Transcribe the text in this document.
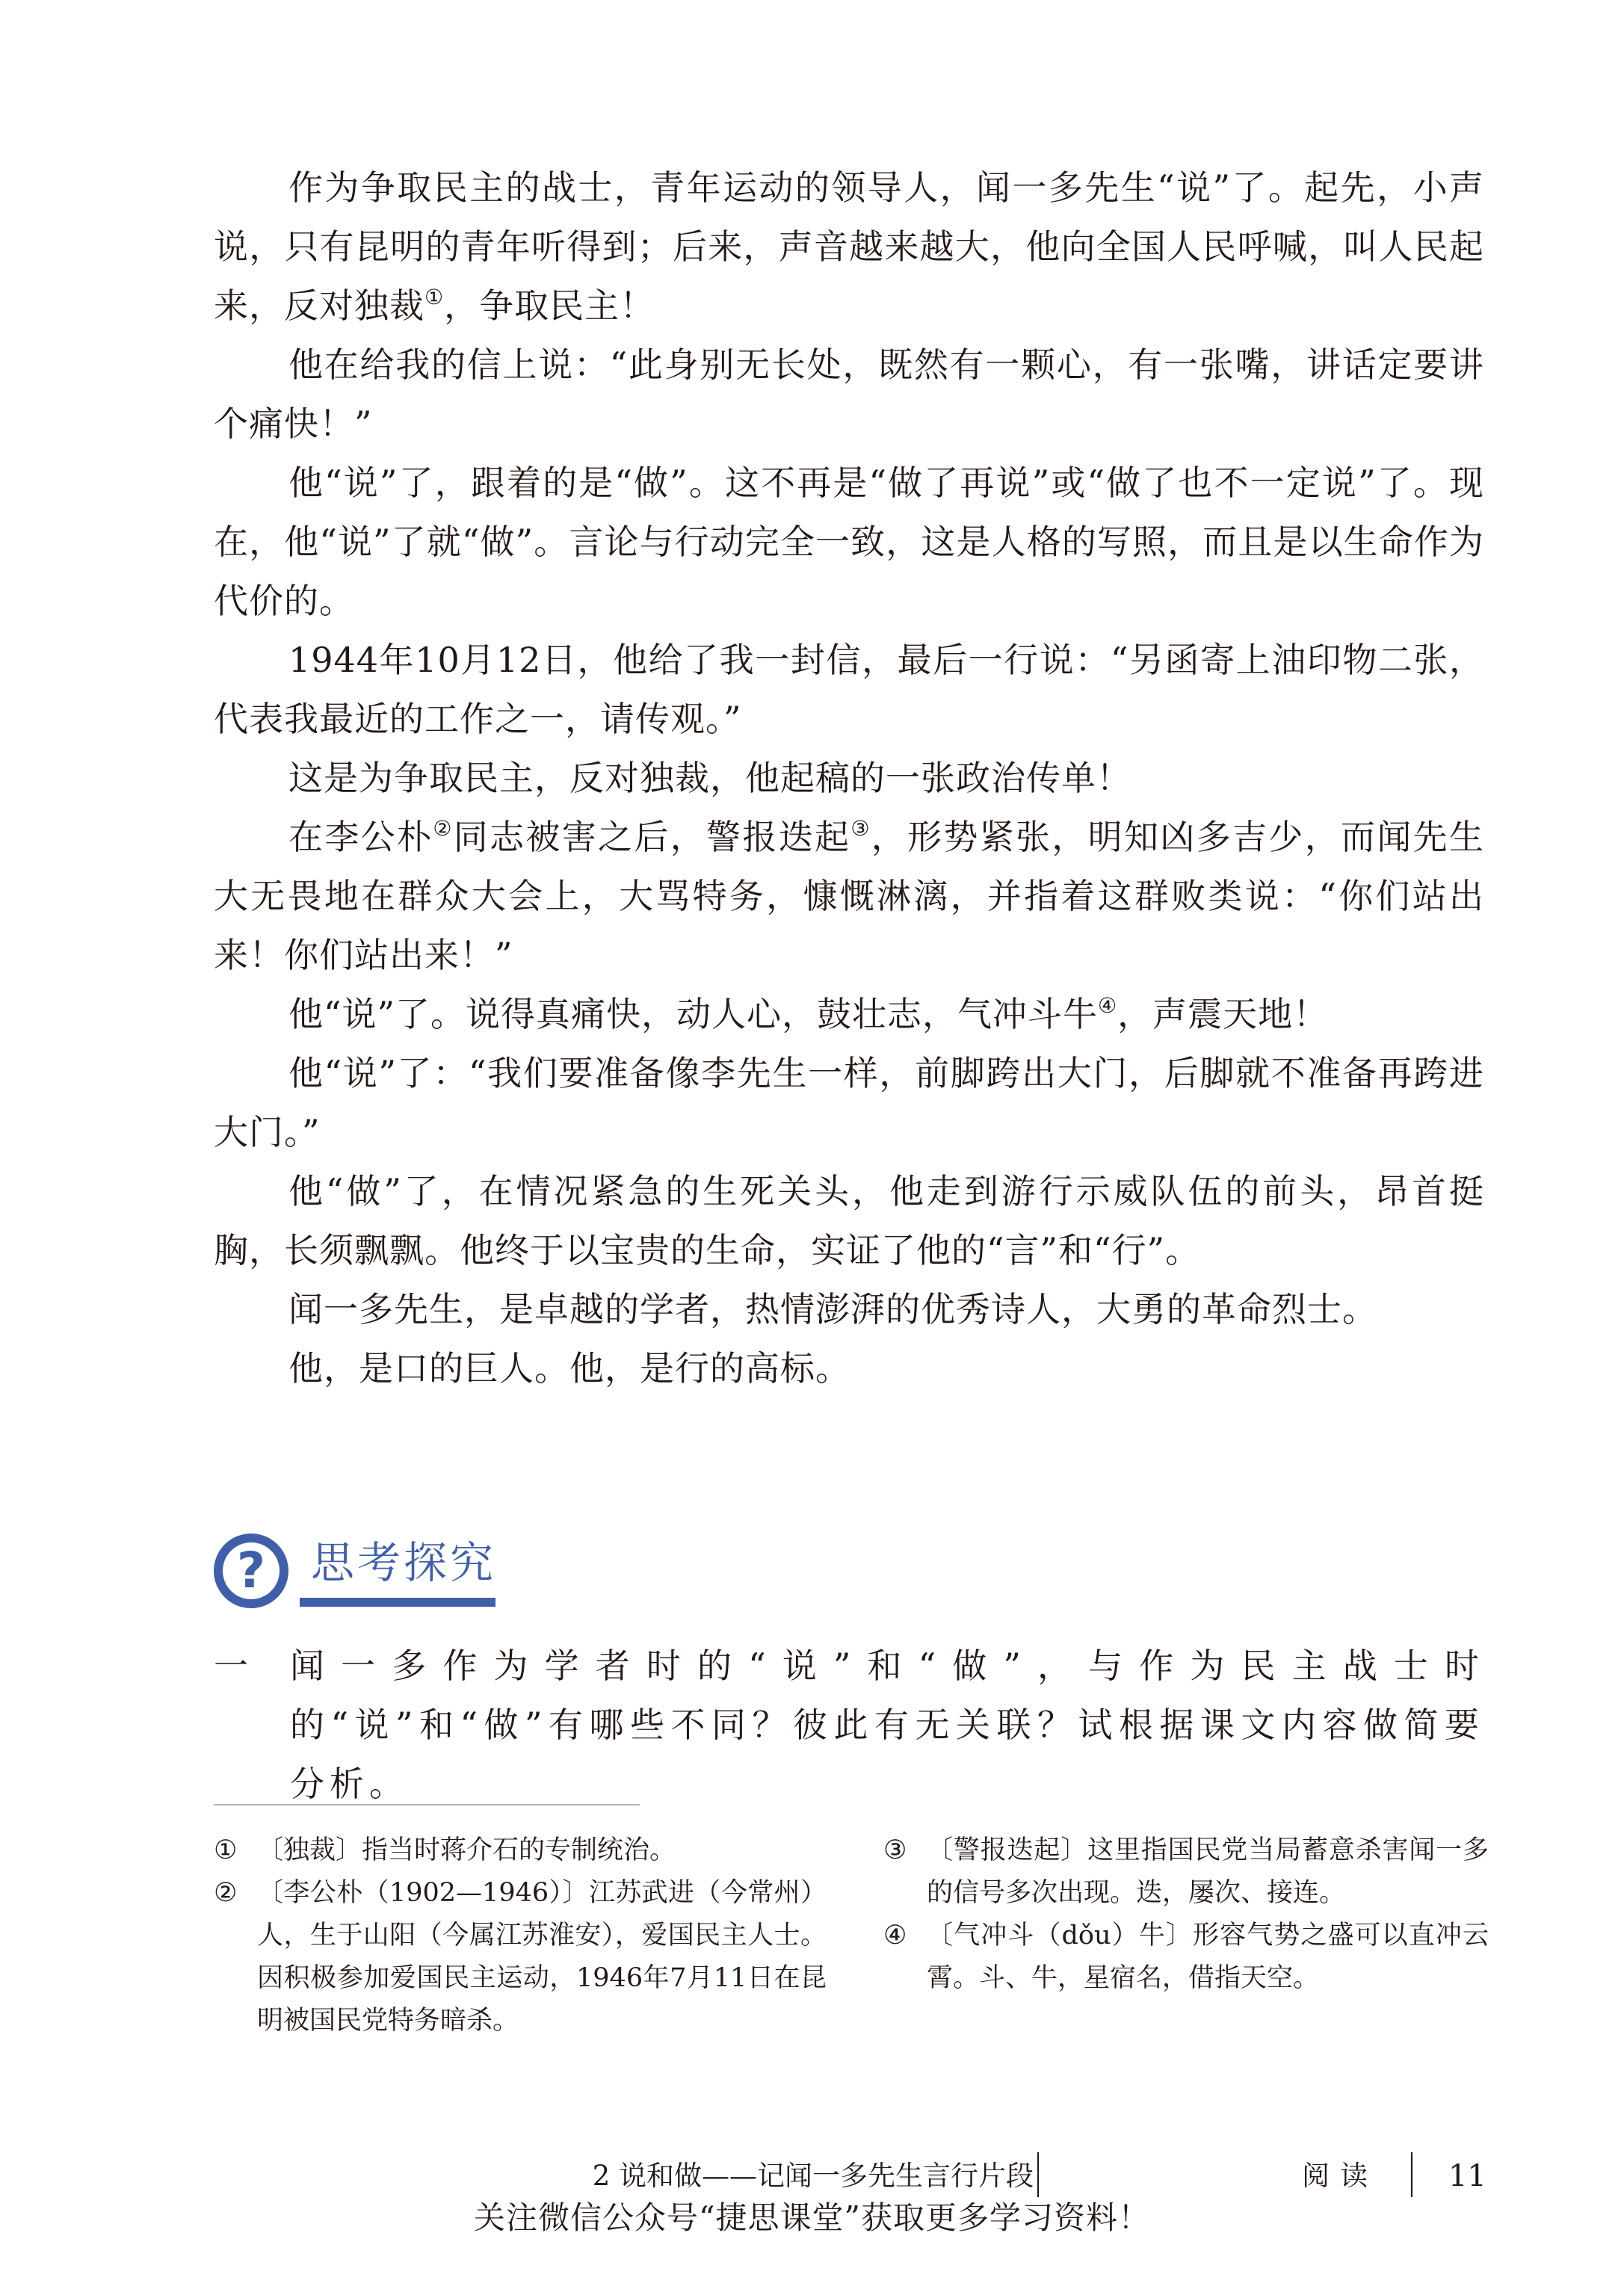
作为争取民主的战士，青年运动的领导人，闻一多先生“说”了。起先，小声说，只有昆明的青年听得到；后来，声音越来越大，他向全国人民呼喊，叫人民起来，反对独裁①，争取民主！

他在给我的信上说：“此身别无长处，既然有一颗心，有一张嘴，讲话定要讲个痛快！”

他“说”了，跟着的是“做”。这不再是“做了再说”或“做了也不一定说”了。现在，他“说”了就“做”。言论与行动完全一致，这是人格的写照，而且是以生命作为代价的。

1944年10月12日，他给了我一封信，最后一行说：“另函寄上油印物二张，代表我最近的工作之一，请传观。”

这是为争取民主，反对独裁，他起稿的一张政治传单！

在李公朴②同志被害之后，警报迭起③，形势紧张，明知凶多吉少，而闻先生大无畏地在群众大会上，大骂特务，慷慨淋漓，并指着这群败类说：“你们站出来！你们站出来！”

他“说”了。说得真痛快，动人心，鼓壮志，气冲斗牛④，声震天地！

他“说”了：“我们要准备像李先生一样，前脚跨出大门，后脚就不准备再跨进大门。”

他“做”了，在情况紧急的生死关头，他走到游行示威队伍的前头，昂首挺胸，长须飘飘。他终于以宝贵的生命，实证了他的“言”和“行”。

闻一多先生，是卓越的学者，热情澎湃的优秀诗人，大勇的革命烈士。

他，是口的巨人。他，是行的高标。

?	思考探究
一 闻一多作为学者时的“说”和“做”，与作为民主战士时的“说”和“做”有哪些不同？彼此有无关联？试根据课文内容做简要分析。
① 〔独裁〕指当时蒋介石的专制统治。
② 〔李公朴（1902—1946）〕江苏武进（今常州）人，生于山阳（今属江苏淮安），爱国民主人士。因积极参加爱国民主运动，1946年7月11日在昆明被国民党特务暗杀。
③ 〔警报迭起〕这里指国民党当局蓄意杀害闻一多的信号多次出现。迭，屡次、接连。
④ 〔气冲斗（dǒu）牛〕形容气势之盛可以直冲云霄。斗、牛，星宿名，借指天空。
2 说和做——记闻一多先生言行片段	阅读 11
关注微信公众号“捷思课堂”获取更多学习资料！
